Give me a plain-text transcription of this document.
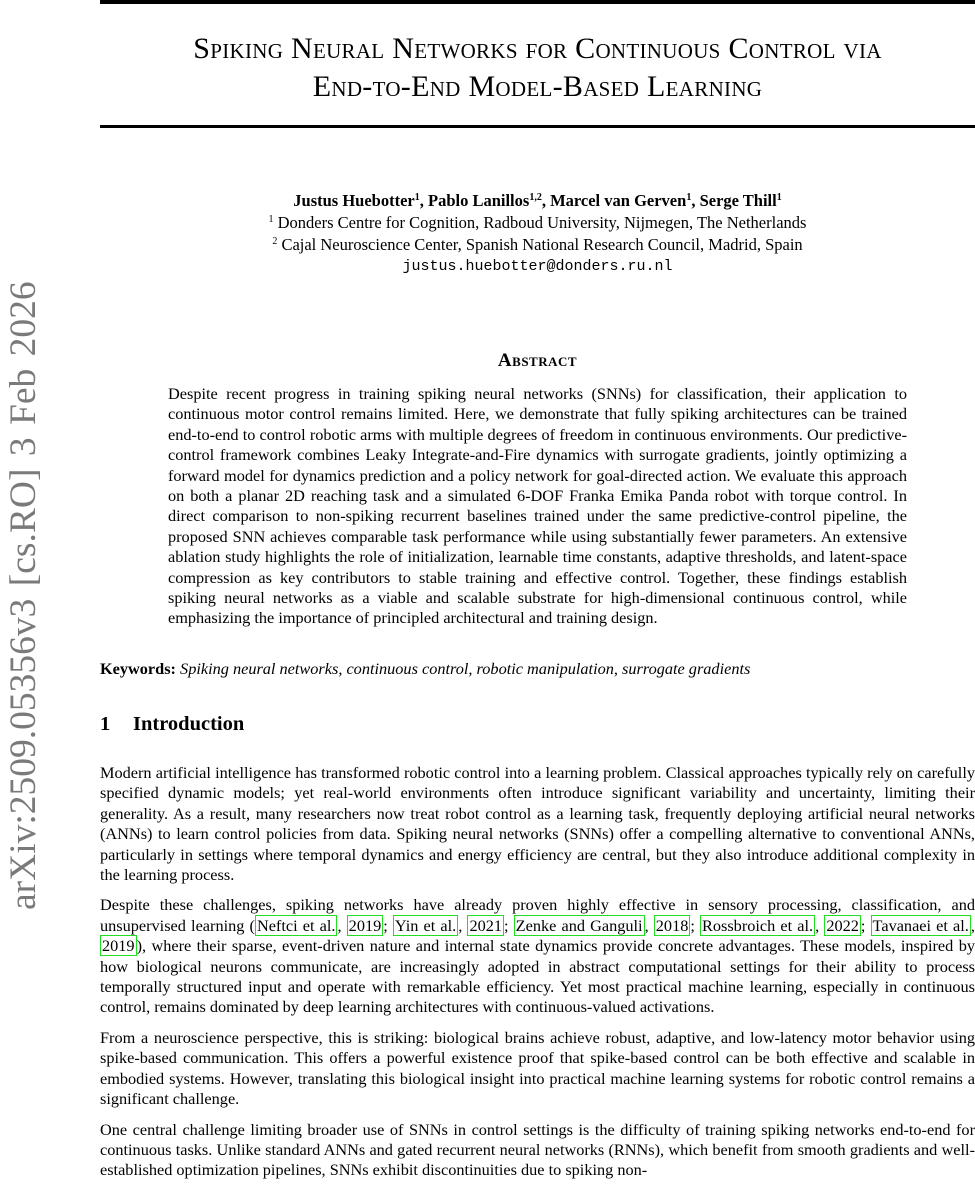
Spiking Neural Networks for Continuous Control via
End-to-End Model-Based Learning
arXiv:2509.05356v3 [cs.RO] 3 Feb 2026
Justus Huebotter$^1$, Pablo Lanillos$^{1,2}$, Marcel van Gerven$^1$, Serge Thill$^1$
$^1$ Donders Centre for Cognition, Radboud University, Nijmegen, The Netherlands
$^2$ Cajal Neuroscience Center, Spanish National Research Council, Madrid, Spain
justus.huebotter@donders.ru.nl
Abstract
Despite recent progress in training spiking neural networks (SNNs) for classification, their application to continuous motor control remains limited. Here, we demonstrate that fully spiking architectures can be trained end-to-end to control robotic arms with multiple degrees of freedom in continuous environments. Our predictive-control framework combines Leaky Integrate-and-Fire dynamics with surrogate gradients, jointly optimizing a forward model for dynamics prediction and a policy network for goal-directed action. We evaluate this approach on both a planar 2D reaching task and a simulated 6-DOF Franka Emika Panda robot with torque control. In direct comparison to non-spiking recurrent baselines trained under the same predictive-control pipeline, the proposed SNN achieves comparable task performance while using substantially fewer parameters. An extensive ablation study highlights the role of initialization, learnable time constants, adaptive thresholds, and latent-space compression as key contributors to stable training and effective control. Together, these findings establish spiking neural networks as a viable and scalable substrate for high-dimensional continuous control, while emphasizing the importance of principled architectural and training design.
Keywords: Spiking neural networks, continuous control, robotic manipulation, surrogate gradients
1 Introduction

Modern artificial intelligence has transformed robotic control into a learning problem. Classical approaches typically rely on carefully specified dynamic models; yet real-world environments often introduce significant variability and uncertainty, limiting their generality. As a result, many researchers now treat robot control as a learning task, frequently deploying artificial neural networks (ANNs) to learn control policies from data. Spiking neural networks (SNNs) offer a compelling alternative to conventional ANNs, particularly in settings where temporal dynamics and energy efficiency are central, but they also introduce additional complexity in the learning process.

Despite these challenges, spiking networks have already proven highly effective in sensory processing, classification, and unsupervised learning ( Neftci et al. , 2019 ; Yin et al. , 2021 ; Zenke and Ganguli , 2018 ; Rossbroich et al. , 2022 ; Tavanaei et al. , 2019 ), where their sparse, event-driven nature and internal state dynamics provide concrete advantages. These models, inspired by how biological neurons communicate, are increasingly adopted in abstract computational settings for their ability to process temporally structured input and operate with remarkable efficiency. Yet most practical machine learning, especially in continuous control, remains dominated by deep learning architectures with continuous-valued activations.

From a neuroscience perspective, this is striking: biological brains achieve robust, adaptive, and low-latency motor behavior using spike-based communication. This offers a powerful existence proof that spike-based control can be both effective and scalable in embodied systems. However, translating this biological insight into practical machine learning systems for robotic control remains a significant challenge.

One central challenge limiting broader use of SNNs in control settings is the difficulty of training spiking networks end-to-end for continuous tasks. Unlike standard ANNs and gated recurrent neural networks (RNNs), which benefit from smooth gradients and well-established optimization pipelines, SNNs exhibit discontinuities due to spiking non-
